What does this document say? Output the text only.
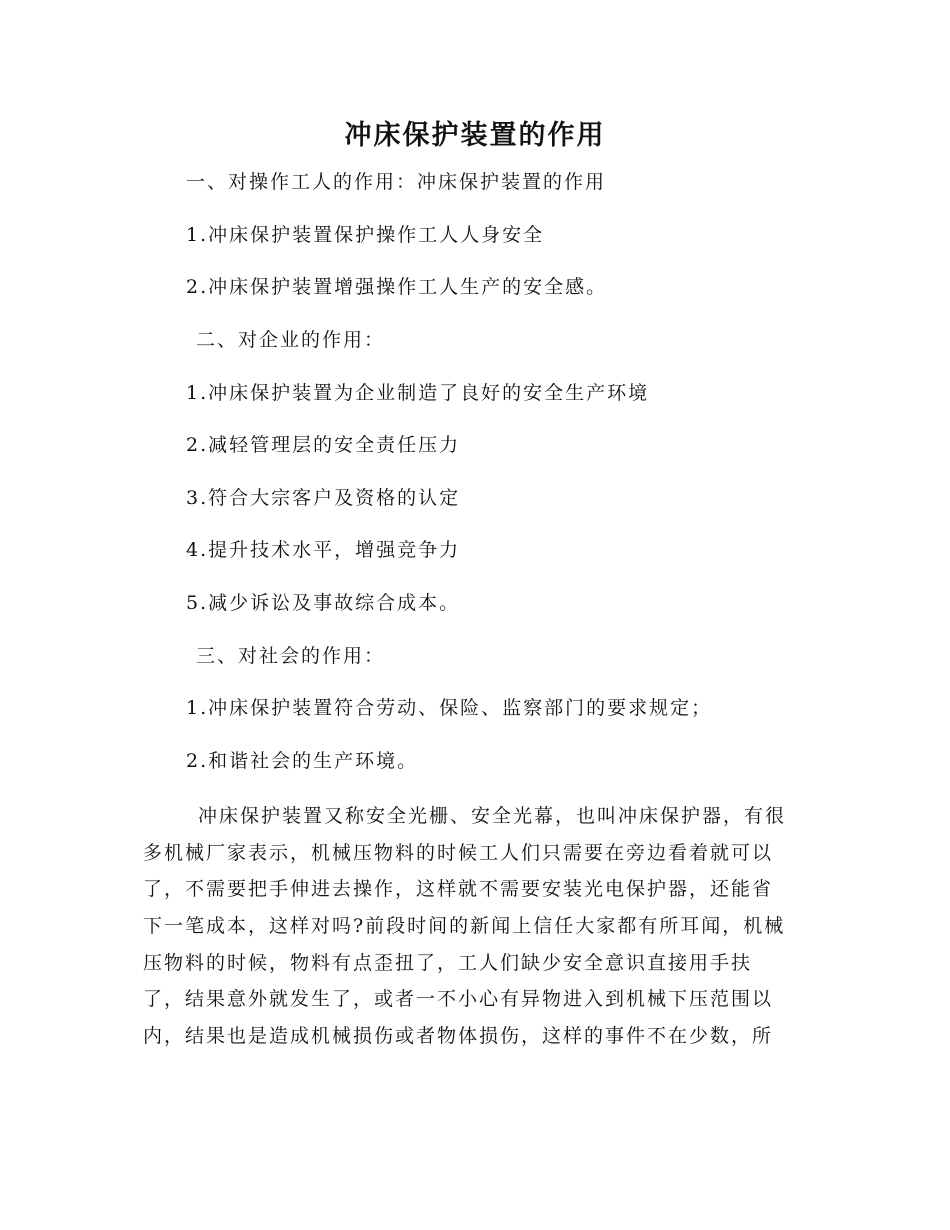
冲床保护装置的作用
一、对操作工人的作用：冲床保护装置的作用
1.冲床保护装置保护操作工人人身安全
2.冲床保护装置增强操作工人生产的安全感。
二、对企业的作用：
1.冲床保护装置为企业制造了良好的安全生产环境
2.减轻管理层的安全责任压力
3.符合大宗客户及资格的认定
4.提升技术水平，增强竞争力
5.减少诉讼及事故综合成本。
三、对社会的作用：
1.冲床保护装置符合劳动、保险、监察部门的要求规定；
2.和谐社会的生产环境。
冲床保护装置又称安全光栅、安全光幕，也叫冲床保护器，有很
多机械厂家表示，机械压物料的时候工人们只需要在旁边看着就可以
了，不需要把手伸进去操作，这样就不需要安装光电保护器，还能省
下一笔成本，这样对吗?前段时间的新闻上信任大家都有所耳闻，机械
压物料的时候，物料有点歪扭了，工人们缺少安全意识直接用手扶
了，结果意外就发生了，或者一不小心有异物进入到机械下压范围以
内，结果也是造成机械损伤或者物体损伤，这样的事件不在少数，所
